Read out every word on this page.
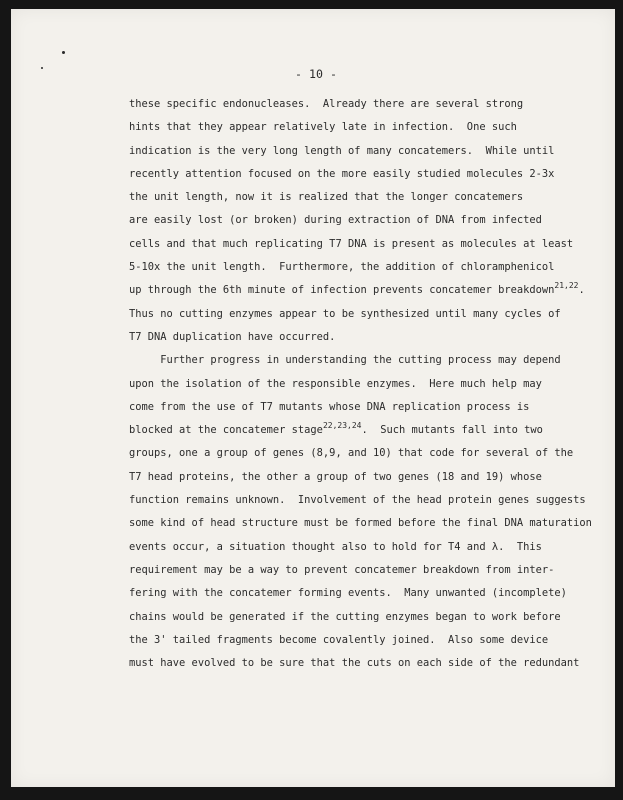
- 10 -
these specific endonucleases.  Already there are several strong
hints that they appear relatively late in infection.  One such
indication is the very long length of many concatemers.  While until
recently attention focused on the more easily studied molecules 2-3x
the unit length, now it is realized that the longer concatemers
are easily lost (or broken) during extraction of DNA from infected
cells and that much replicating T7 DNA is present as molecules at least
5-10x the unit length.  Furthermore, the addition of chloramphenicol
up through the 6th minute of infection prevents concatemer breakdown$^{21,22}$.
Thus no cutting enzymes appear to be synthesized until many cycles of
T7 DNA duplication have occurred.
Further progress in understanding the cutting process may depend
upon the isolation of the responsible enzymes.  Here much help may
come from the use of T7 mutants whose DNA replication process is
blocked at the concatemer stage$^{22,23,24}$.  Such mutants fall into two
groups, one a group of genes (8,9, and 10) that code for several of the
T7 head proteins, the other a group of two genes (18 and 19) whose
function remains unknown.  Involvement of the head protein genes suggests
some kind of head structure must be formed before the final DNA maturation
events occur, a situation thought also to hold for T4 and λ.  This
requirement may be a way to prevent concatemer breakdown from inter-
fering with the concatemer forming events.  Many unwanted (incomplete)
chains would be generated if the cutting enzymes began to work before
the 3' tailed fragments become covalently joined.  Also some device
must have evolved to be sure that the cuts on each side of the redundant
